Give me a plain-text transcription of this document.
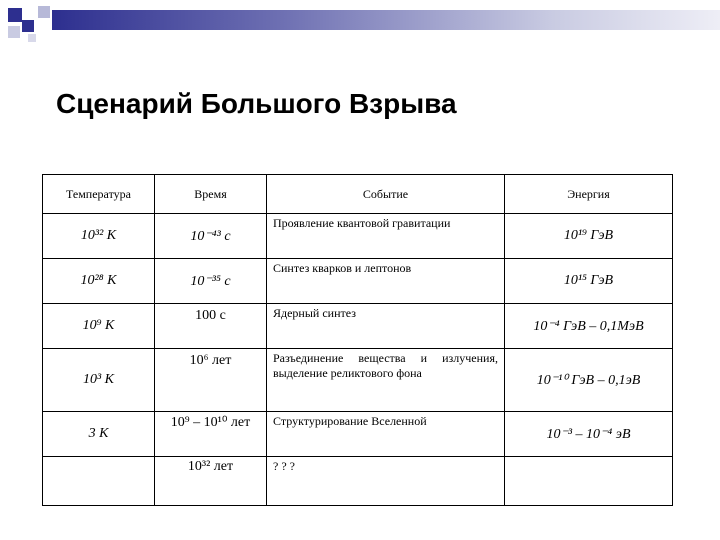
Сценарий Большого Взрыва
Температура	Время	Событие	Энергия
10³² K	10⁻⁴³ c	Проявление квантовой гравитации	10¹⁹ ГэВ
10²⁸ K	10⁻³⁵ c	Синтез кварков и лептонов	10¹⁵ ГэВ
10⁹ K	100 c	Ядерный синтез	10⁻⁴ ГэВ – 0,1МэВ
10³ K	10⁶ лет	Разъединение вещества и излучения, выделение реликтового фона	10⁻¹⁰ ГэВ – 0,1эВ
3 K	10⁹ – 10¹⁰ лет	Структурирование Вселенной	10⁻³ – 10⁻⁴ эВ
	10³² лет	? ? ?	
